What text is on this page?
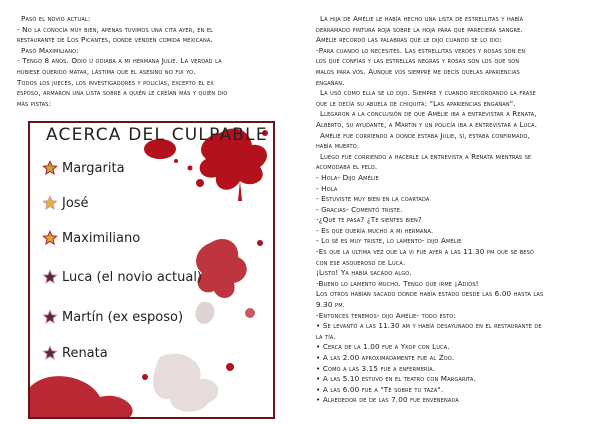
Pasó el novio actual:

- No la conocía muy bien, apenas tuvimos una cita ayer, en el

restaurante de Los Picantes, donde venden comida mexicana.

Pasó Maximiliano:

- Tengo 8 años. Odio u odiaba a mi hermana Julie. La verdad la

hubiese querido matar, lástima que el asesino no fui yo.

Todos los jueces, los investigadores y policías, excepto el ex

esposo, armaron una lista sobre a quién le creían más y quién dio

más pistas:

ACERCA DEL CULPABLE
Margarita
José
Maximiliano
Luca (el novio actual)
Martín (ex esposo)
Renata

La hija de Amélie le había hecho una lista de estrellitas y había

derramado pintura roja sobre la hoja para que pareciera sangre.

Amélie recordó las palabras que le dijo cuando se lo dio:

-Para cuando lo necesites. Las estrellitas verdes y rosas son en

los que confías y las estrellas negras y rosas son los que son

malos para vos. Aunque vos siempre me decís quelas apariencias

engañan.

La usó como ella se lo dijo. Siempre y cuando recordando la frase

que le decía su abuela de chiquita: "Las apariencias engañan".

Llegaron a la conclusión de que Amélie iba a entrevistar a Renata,

Alberto, su ayudante, a Martín y un policía iba a entrevistar a Luca.

Amélie fue corriendo a donde estaba Julie, sí, estaba confirmado,

había muerto.

Luego fue corriendo a hacerle la entrevista a Renata mientras se

acomodaba el pelo.

- Hola- Dijo Amélie

- Hola

- Estuviste muy bien en la coartada

- Gracias- Comentó triste.

-¿Qué te pasa? ¿Te sientes bien?

- Es que quería mucho a mi hermana.

- Lo sé es muy triste, lo lamento- dijo Amélie

-Es que la ultima vez que la vi fue ayer a las 11.30 pm que se besó

con ese asqueroso de Luca.

¡Listo! Ya había sacado algo.

-Bueno lo lamento mucho. Tengo que irme ¡Adiós!

Los otros habían sacado donde había estado desde las 6.00 hasta las

9.30 pm.

-Entonces tenemos- dijo Amélie- todo esto:

• Se levantó a las 11.30 am y había desayunado en el restaurante de

la tía.

• Cerca de la 1.00 fue a Ykop con Luca.

• A las 2.00 aproximadamente fue al Zoo.

• Como a las 3.15 fue a enfermería.

• A las 5.10 estuvo en el teatro con Margarita.

• A las 6.00 fue a "Té sobre tu taza".

• Alrededor de de las 7.00 fue envenenada
